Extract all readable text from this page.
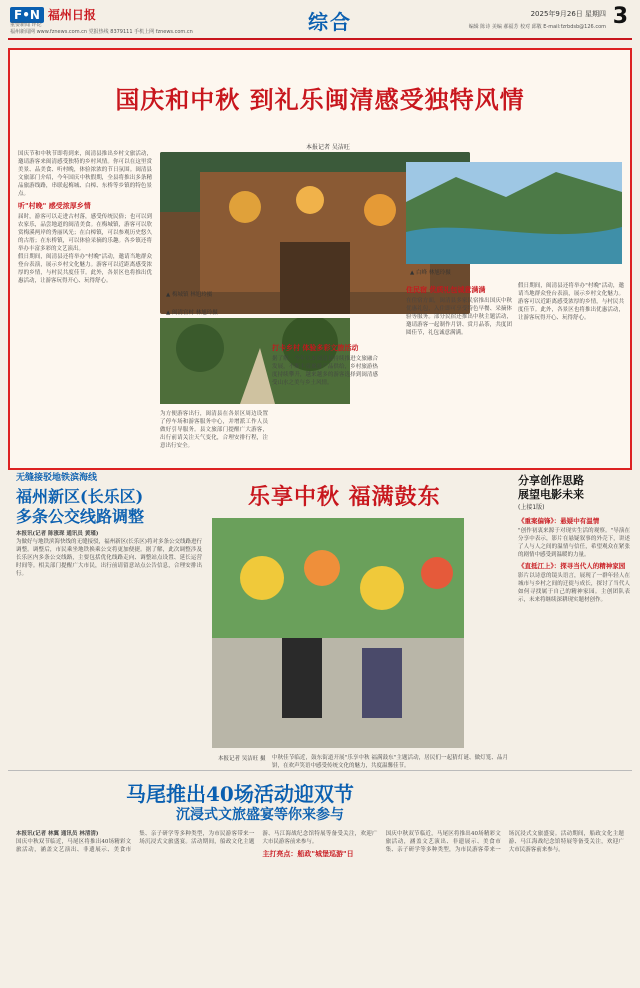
F•N 福州日报
重要新闻 评论
福州新闻网 www.fznews.com.cn 党报热线 8379111 手机上网 fznews.com.cn	综合	2025年9月26日 星期四 3
编辑 陈诗 美编 郝福芳 校对 邱敬 E-mail:fzrbdsb@126.com
国庆和中秋 到礼乐闽清感受独特风情
本报记者 吴洁旺
国庆节和中秋节即将到来，闽清县推出乡村文旅活动，邀请游客来闽清感受独特的乡村风情。你可以在这里赏美景、品美食、听村晚，体验浓浓的节日氛围。闽清县文旅部门介绍，今年国庆中秋假期，全县将推出多条精品旅游线路，串联起梅城、白樟、东桥等乡镇的特色景点。
听"村晚" 感受浓厚乡情
届时，游客可以走进古村落，感受传统民俗；也可以到农家乐，品尝地道的闽清美食。在梅城镇，游客可以欣赏梅溪两岸的秀丽风光；在白樟镇，可以参观历史悠久的古厝；在东桥镇，可以体验采摘的乐趣。各乡镇还将举办丰富多彩的文艺演出。
假日期间，闽清县还将举办"村晚"活动，邀请当地群众登台表演，展示乡村文化魅力。游客可以近距离感受浓厚的乡情，与村民共度佳节。此外，各景区也将推出优惠活动，让游客玩得开心、玩得舒心。
▲ 梅城镇 林旭玲摄
▲ 闽清宫村 林旭玲摄
▲ 白峰 林旭玲摄
为方便游客出行，闽清县在各景区周边设置了停车场和游客服务中心，并增派工作人员做好引导服务。县文旅部门提醒广大游客，出行前请关注天气变化，合理安排行程，注意出行安全。
打卡乡村 体验多彩文旅活动
据了解，今年以来闽清县持续推进文旅融合发展，不断丰富旅游产品供给，乡村旅游热度持续攀升，越来越多的游客选择到闽清感受山水之美与乡土风情。
住民宿 优质礼包诚意满满
在住宿方面，闽清县多家民宿推出国庆中秋优惠礼包，入住即可享受特色早餐、采摘体验等服务。部分民宿还推出中秋主题活动，邀请游客一起制作月饼、赏月品茶，共度团圆佳节，礼包诚意满满。
假日期间，闽清县还将举办"村晚"活动，邀请当地群众登台表演，展示乡村文化魅力。游客可以近距离感受浓厚的乡情，与村民共度佳节。此外，各景区也将推出优惠活动，让游客玩得开心、玩得舒心。
无缝接驳地铁滨海线
福州新区(长乐区)
多条公交线路调整
本报讯(记者 陈涨琛 通讯员 黄瑾)
为做好与地铁滨海快线的无缝接驳，福州新区(长乐区)将对多条公交线路进行调整。调整后，市民乘坐地铁换乘公交将更加便捷。据了解，此次调整涉及长乐区内多条公交线路，主要包括优化线路走向、调整站点设置、延长运营时间等。相关部门提醒广大市民，出行前请留意站点公告信息，合理安排出行。
乐享中秋 福满鼓东
本报记者 吴洁旺 摄 中秋佳节临近，鼓东街道开展"乐享中秋 福满鼓东"主题活动，居民们一起猜灯谜、做灯笼、品月饼，在欢声笑语中感受传统文化的魅力，共度温馨佳节。
分享创作思路
展望电影未来
(上接1版)
《重案偏锋》：悬疑中有温情
"创作初衷来源于对现实生活的观察。"导演在分享中表示，影片在悬疑叙事的外壳下，讲述了人与人之间的温情与信任，希望观众在紧张的剧情中感受到温暖的力量。
《直抵江上》：探寻当代人的精神家园
影片以诗意的镜头语言，展现了一群年轻人在城市与乡村之间的迁徙与成长，探讨了当代人如何寻找属于自己的精神家园。主创团队表示，未来将继续深耕现实题材创作。
马尾推出40场活动迎双节
沉浸式文旅盛宴等你来参与
本报讯(记者 林翼 通讯员 林清清)
国庆中秋双节临近，马尾区将推出40场精彩文旅活动，涵盖文艺演出、非遗展示、美食市集、亲子研学等多种类型，为市民游客带来一场沉浸式文旅盛宴。活动期间，船政文化主题游、马江海战纪念馆特展等备受关注，欢迎广大市民游客前来参与。
主打亮点：船政"城堡巡游"日
国庆中秋双节临近，马尾区将推出40场精彩文旅活动，涵盖文艺演出、非遗展示、美食市集、亲子研学等多种类型，为市民游客带来一场沉浸式文旅盛宴。活动期间，船政文化主题游、马江海战纪念馆特展等备受关注，欢迎广大市民游客前来参与。
